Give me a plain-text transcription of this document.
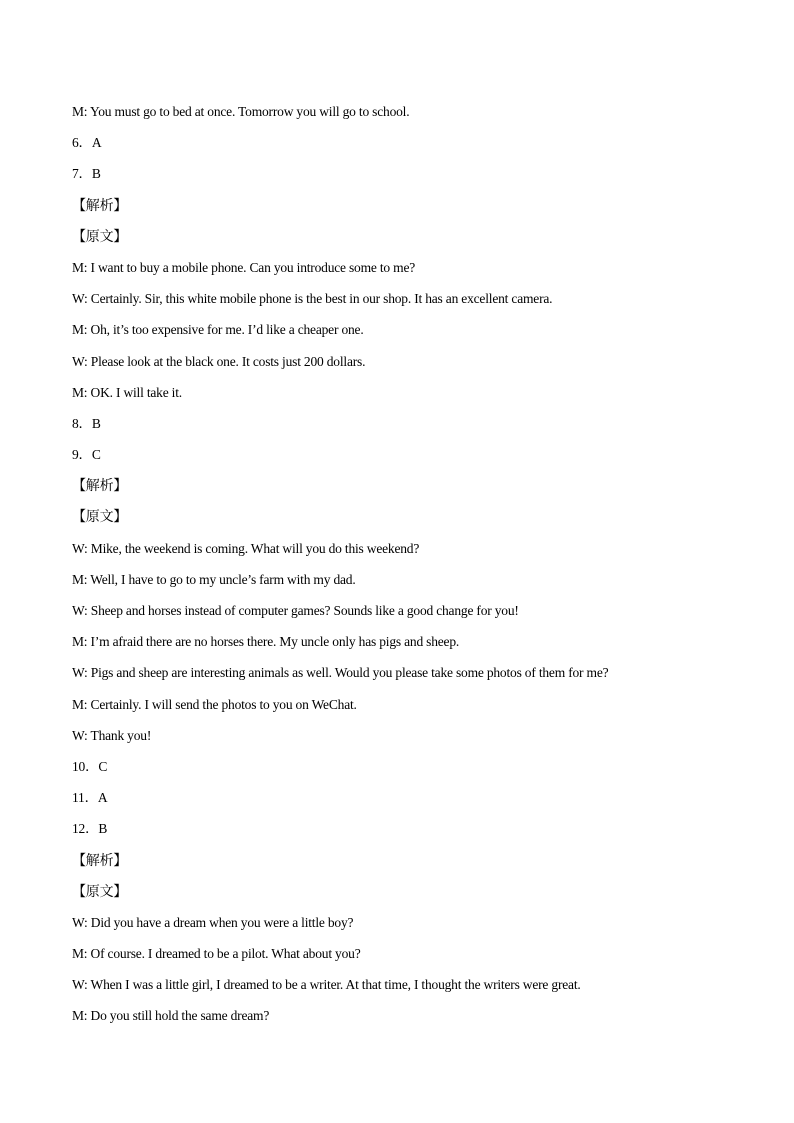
M: You must go to bed at once. Tomorrow you will go to school.
6．A
7．B
【解析】
【原文】
M: I want to buy a mobile phone. Can you introduce some to me?
W: Certainly. Sir, this white mobile phone is the best in our shop. It has an excellent camera.
M: Oh, it’s too expensive for me. I’d like a cheaper one.
W: Please look at the black one. It costs just 200 dollars.
M: OK. I will take it.
8．B
9．C
【解析】
【原文】
W: Mike, the weekend is coming. What will you do this weekend?
M: Well, I have to go to my uncle’s farm with my dad.
W: Sheep and horses instead of computer games? Sounds like a good change for you!
M: I’m afraid there are no horses there. My uncle only has pigs and sheep.
W: Pigs and sheep are interesting animals as well. Would you please take some photos of them for me?
M: Certainly. I will send the photos to you on WeChat.
W: Thank you!
10．C
11．A
12．B
【解析】
【原文】
W: Did you have a dream when you were a little boy?
M: Of course. I dreamed to be a pilot. What about you?
W: When I was a little girl, I dreamed to be a writer. At that time, I thought the writers were great.
M: Do you still hold the same dream?
